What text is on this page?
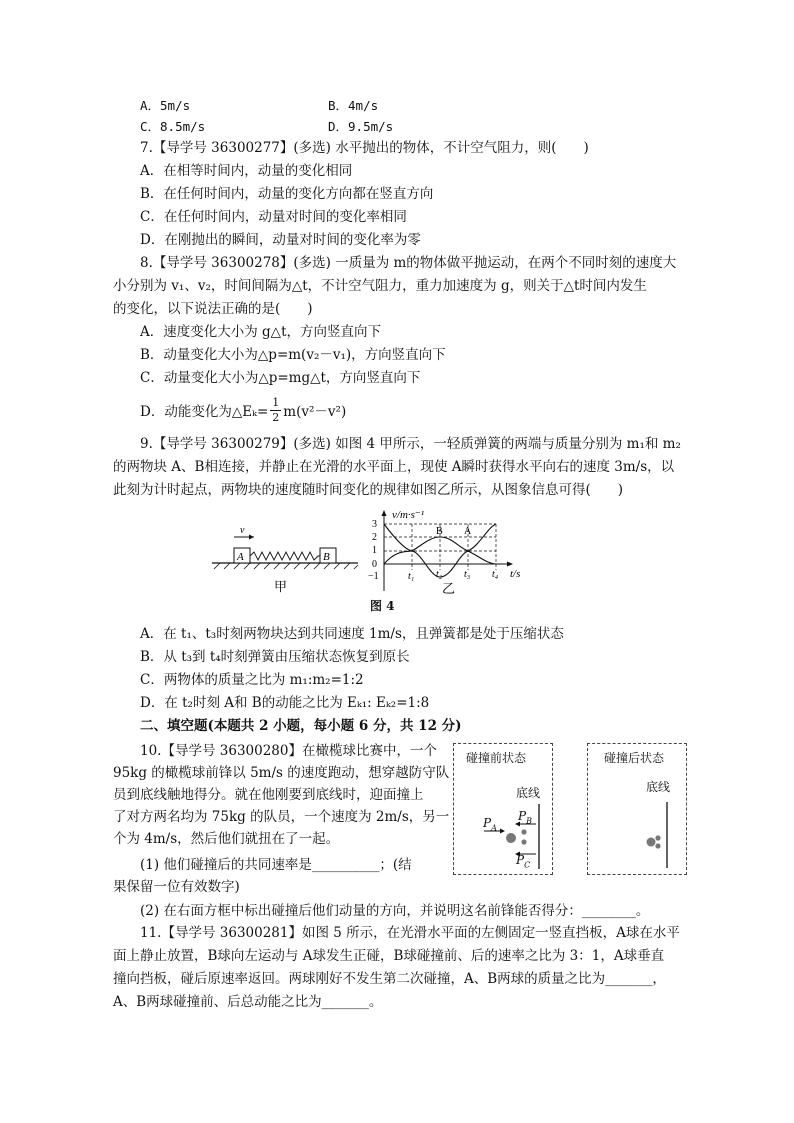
A．5m/s	B．4m/s
C．8.5m/s	D．9.5m/s
7.【导学号 36300277】(多选) 水平抛出的物体，不计空气阻力，则(　　)
A．在相等时间内，动量的变化相同
B．在任何时间内，动量的变化方向都在竖直方向
C．在任何时间内，动量对时间的变化率相同
D．在刚抛出的瞬间，动量对时间的变化率为零
8.【导学号 36300278】(多选) 一质量为 m的物体做平抛运动，在两个不同时刻的速度大
小分别为 v₁、v₂，时间间隔为△t，不计空气阻力，重力加速度为 g，则关于△t时间内发生
的变化，以下说法正确的是(　　)
A．速度变化大小为 g△t，方向竖直向下
B．动量变化大小为△p=m(v₂－v₁)，方向竖直向下
C．动量变化大小为△p=mg△t，方向竖直向下
D．动能变化为△Eₖ= $\frac{1}{2} m(v^2-v^2)$
9.【导学号 36300279】(多选) 如图 4 甲所示，一轻质弹簧的两端与质量分别为 m₁和 m₂
的两物块 A、B相连接，并静止在光滑的水平面上，现使 A瞬时获得水平向右的速度 3m/s，以
此刻为计时起点，两物块的速度随时间变化的规律如图乙所示，从图象信息可得(　　)
A	B
v
v/m·s⁻¹
t/s
3
2
1
0
−1
B A
t₁ t₂ t₃ t₄
甲	乙
图 4
A．在 t₁、t₃时刻两物块达到共同速度 1m/s，且弹簧都是处于压缩状态
B．从 t₃到 t₄时刻弹簧由压缩状态恢复到原长
C．两物体的质量之比为 m₁:m₂=1:2
D．在 t₂时刻 A和 B的动能之比为 Eₖ₁: Eₖ₂=1:8
二、填空题(本题共 2 小题，每小题 6 分，共 12 分)
10.【导学号 36300280】在橄榄球比赛中，一个
95kg 的橄榄球前锋以 5m/s 的速度跑动，想穿越防守队
员到底线触地得分。就在他刚要到底线时，迎面撞上
了对方两名均为 75kg 的队员，一个速度为 2m/s，另一
个为 4m/s，然后他们就扭在了一起。
(1) 他们碰撞后的共同速率是__________；(结
果保留一位有效数字)
(2) 在右面方框中标出碰撞后他们动量的方向，并说明这名前锋能否得分：________。
碰撞前状态
底线
$P_A$
$P_B$
$P_C$
碰撞后状态
底线
11.【导学号 36300281】如图 5 所示，在光滑水平面的左侧固定一竖直挡板，A球在水平
面上静止放置，B球向左运动与 A球发生正碰，B球碰撞前、后的速率之比为 3：1，A球垂直
撞向挡板，碰后原速率返回。两球刚好不发生第二次碰撞，A、B两球的质量之比为_______，
A、B两球碰撞前、后总动能之比为_______。
